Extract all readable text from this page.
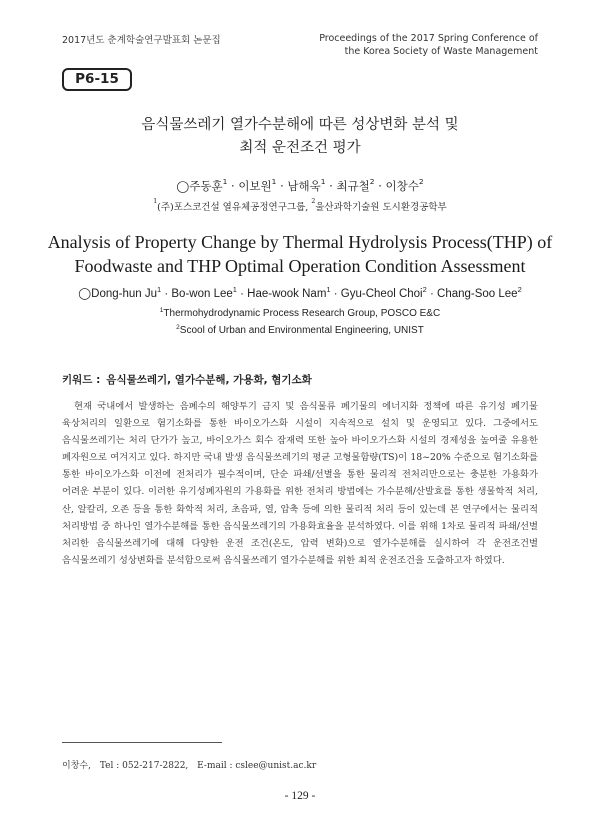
2017년도 춘계학술연구발표회 논문집	Proceedings of the 2017 Spring Conference of
the Korea Society of Waste Management
P6-15
음식물쓰레기 열가수분해에 따른 성상변화 분석 및
최적 운전조건 평가
◯주동훈$^1$ · 이보원$^1$ · 남해욱$^1$ · 최규철$^2$ · 이창수$^2$
$^1$(주)포스코건설 열유체공정연구그룹, $^2$울산과학기술원 도시환경공학부
Analysis of Property Change by Thermal Hydrolysis Process(THP) of
Foodwaste and THP Optimal Operation Condition Assessment
◯Dong-hun $Ju^1 \cdot Bo-won$ Lee$^1$ · Hae-wook Nam$^1$ · Gyu-Cheol Choi$^2$ · Chang-Soo Lee$^2$
$^1$Thermohydrodynamic Process Research Group, POSCO E&C
$^2$Scool of Urban and Environmental Engineering, UNIST
키워드 : 음식물쓰레기, 열가수분해, 가용화, 혐기소화

현재 국내에서 발생하는 음폐수의 해양투기 금지 및 음식물류 폐기물의 에너지화 정책에 따른 유기성 폐기물 육상처리의 일환으로 혐기소화를 통한 바이오가스화 시설이 지속적으로 설치 및 운영되고 있다. 그중에서도 음식물쓰레기는 처리 단가가 높고, 바이오가스 회수 잠재력 또한 높아 바이오가스화 시설의 경제성을 높여줄 유용한 폐자원으로 여겨지고 있다. 하지만 국내 발생 음식물쓰레기의 평균 고형물함량(TS)이 18~20% 수준으로 혐기소화를 통한 바이오가스화 이전에 전처리가 필수적이며, 단순 파쇄/선별을 통한 물리적 전처리만으로는 충분한 가용화가 어려운 부분이 있다. 이러한 유기성폐자원의 가용화를 위한 전처리 방법에는 가수분해/산발효를 통한 생물학적 처리, 산, 알칼리, 오존 등을 통한 화학적 처리, 초음파, 열, 압축 등에 의한 물리적 처리 등이 있는데 본 연구에서는 물리적 처리방법 중 하나인 열가수분해를 통한 음식물쓰레기의 가용화효율을 분석하였다. 이를 위해 1차로 물리적 파쇄/선별 처리한 음식물쓰레기에 대해 다양한 운전 조건(온도, 압력 변화)으로 열가수분해를 실시하여 각 운전조건별 음식물쓰레기 성상변화를 분석함으로써 음식물쓰레기 열가수분해를 위한 최적 운전조건을 도출하고자 하였다.

이창수, Tel : 052-217-2822, E-mail : cslee@unist.ac.kr
- 129 -
